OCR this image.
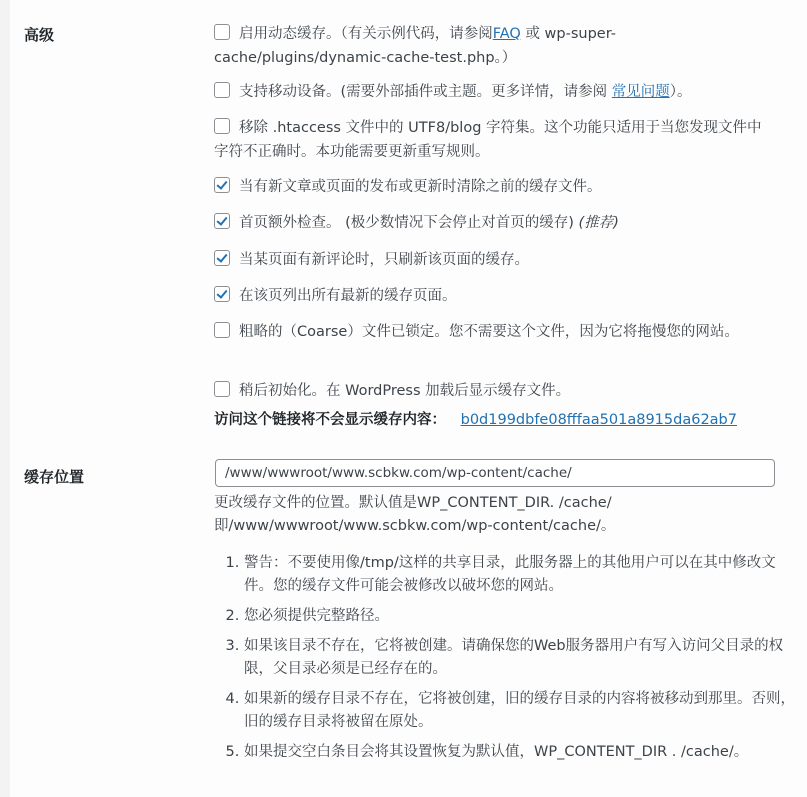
高级	启用动态缓存。（有关示例代码，请参阅FAQ 或 wp-super-cache/plugins/dynamic-cache-test.php。）
支持移动设备。(需要外部插件或主题。更多详情，请参阅 常见问题）。
移除 .htaccess 文件中的 UTF8/blog 字符集。这个功能只适用于当您发现文件中字符不正确时。本功能需要更新重写规则。
当有新文章或页面的发布或更新时清除之前的缓存文件。
首页额外检查。 (极少数情况下会停止对首页的缓存) (推荐)
当某页面有新评论时，只刷新该页面的缓存。
在该页列出所有最新的缓存页面。
粗略的（Coarse）文件已锁定。您不需要这个文件，因为它将拖慢您的网站。
稍后初始化。在 WordPress 加载后显示缓存文件。
访问这个链接将不会显示缓存内容： b0d199dbfe08fffaa501a8915da62ab7
缓存位置
/www/wwwroot/www.scbkw.com/wp-content/cache/
更改缓存文件的位置。默认值是WP_CONTENT_DIR. /cache/ 即/www/wwwroot/www.scbkw.com/wp-content/cache/。
1. 警告：不要使用像/tmp/这样的共享目录，此服务器上的其他用户可以在其中修改文件。您的缓存文件可能会被修改以破坏您的网站。
2. 您必须提供完整路径。
3. 如果该目录不存在，它将被创建。请确保您的Web服务器用户有写入访问父目录的权限，父目录必须是已经存在的。
4. 如果新的缓存目录不存在，它将被创建，旧的缓存目录的内容将被移动到那里。否则，旧的缓存目录将被留在原处。
5. 如果提交空白条目会将其设置恢复为默认值，WP_CONTENT_DIR . /cache/。
